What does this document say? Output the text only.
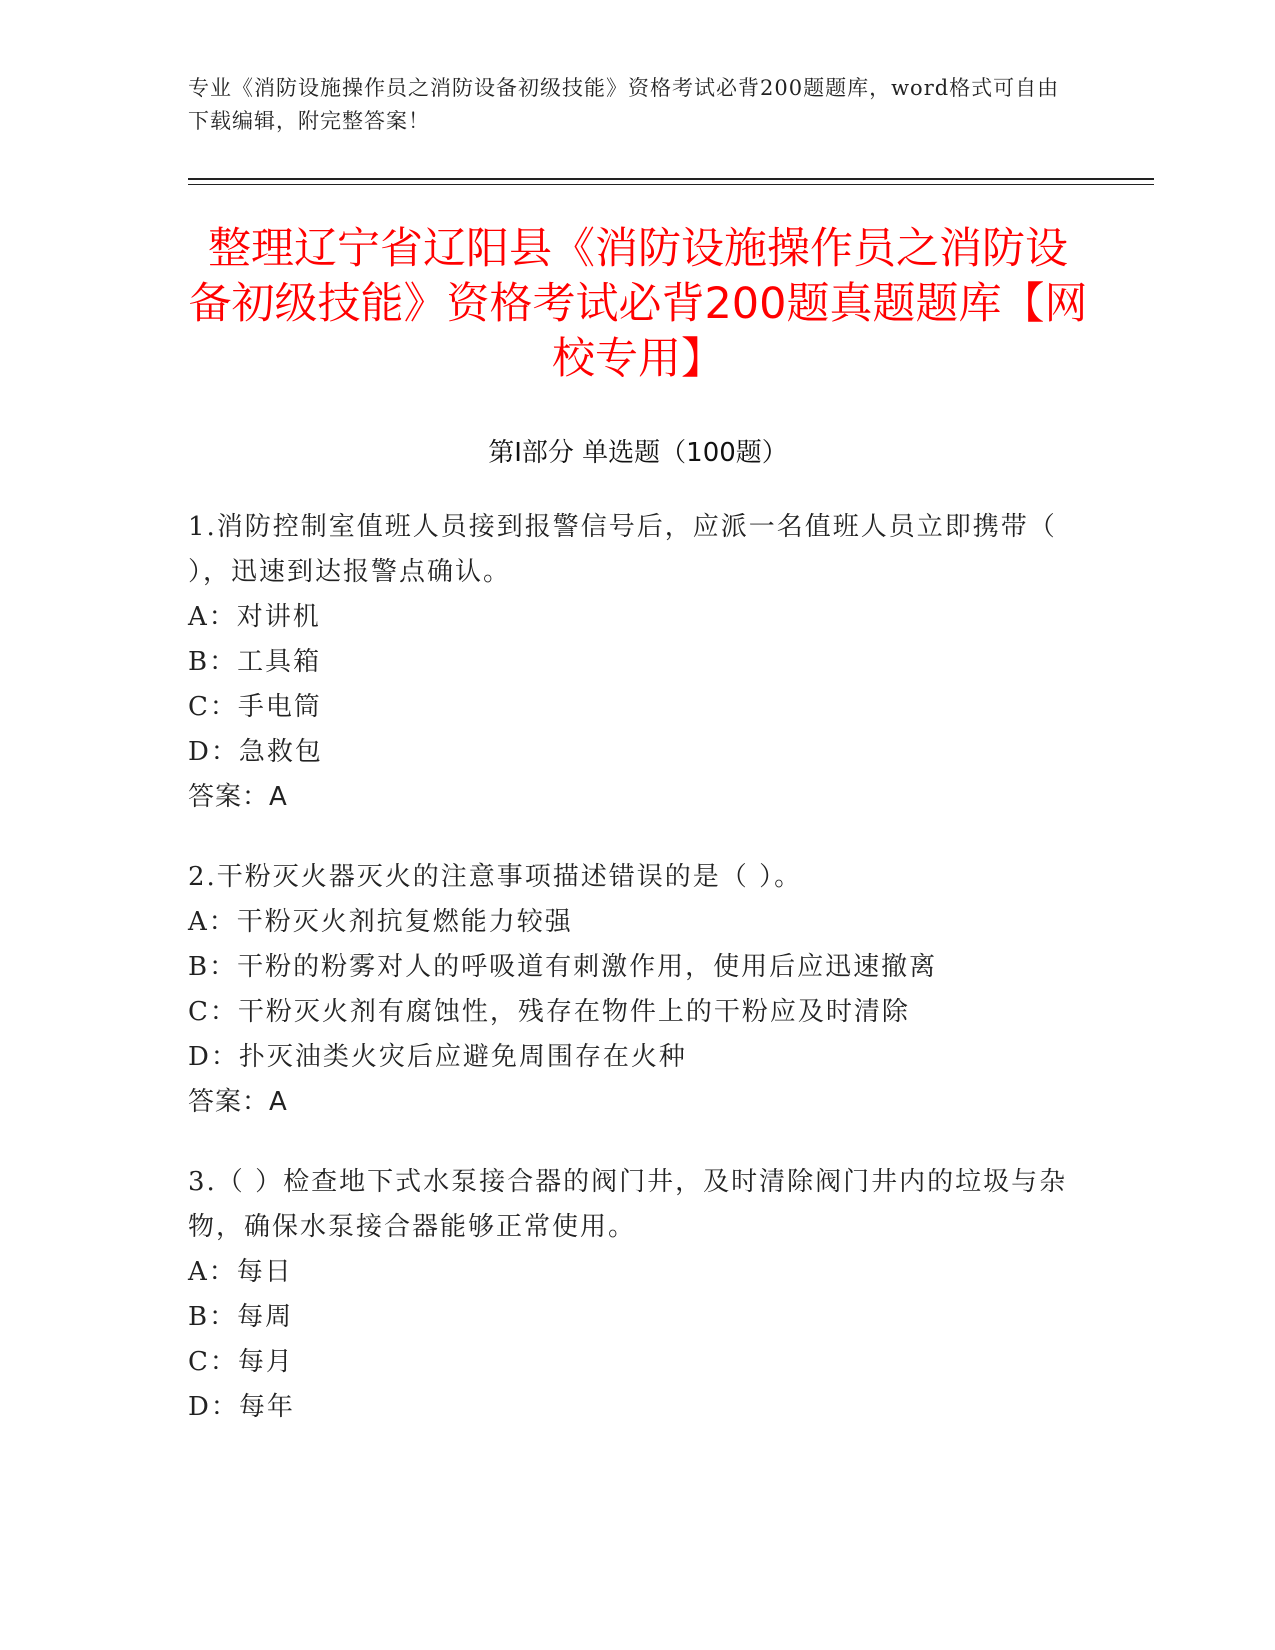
专业《消防设施操作员之消防设备初级技能》资格考试必背200题题库，word格式可自由下载编辑，附完整答案！
整理辽宁省辽阳县《消防设施操作员之消防设备初级技能》资格考试必背200题真题题库【网校专用】
第Ⅰ部分 单选题（100题）

1.消防控制室值班人员接到报警信号后，应派一名值班人员立即携带（ ），迅速到达报警点确认。

A：对讲机

B：工具箱

C：手电筒

D：急救包

答案：A

2.干粉灭火器灭火的注意事项描述错误的是（ ）。

A：干粉灭火剂抗复燃能力较强

B：干粉的粉雾对人的呼吸道有刺激作用，使用后应迅速撤离

C：干粉灭火剂有腐蚀性，残存在物件上的干粉应及时清除

D：扑灭油类火灾后应避免周围存在火种

答案：A

3.（ ）检查地下式水泵接合器的阀门井，及时清除阀门井内的垃圾与杂物，确保水泵接合器能够正常使用。

A：每日

B：每周

C：每月

D：每年
